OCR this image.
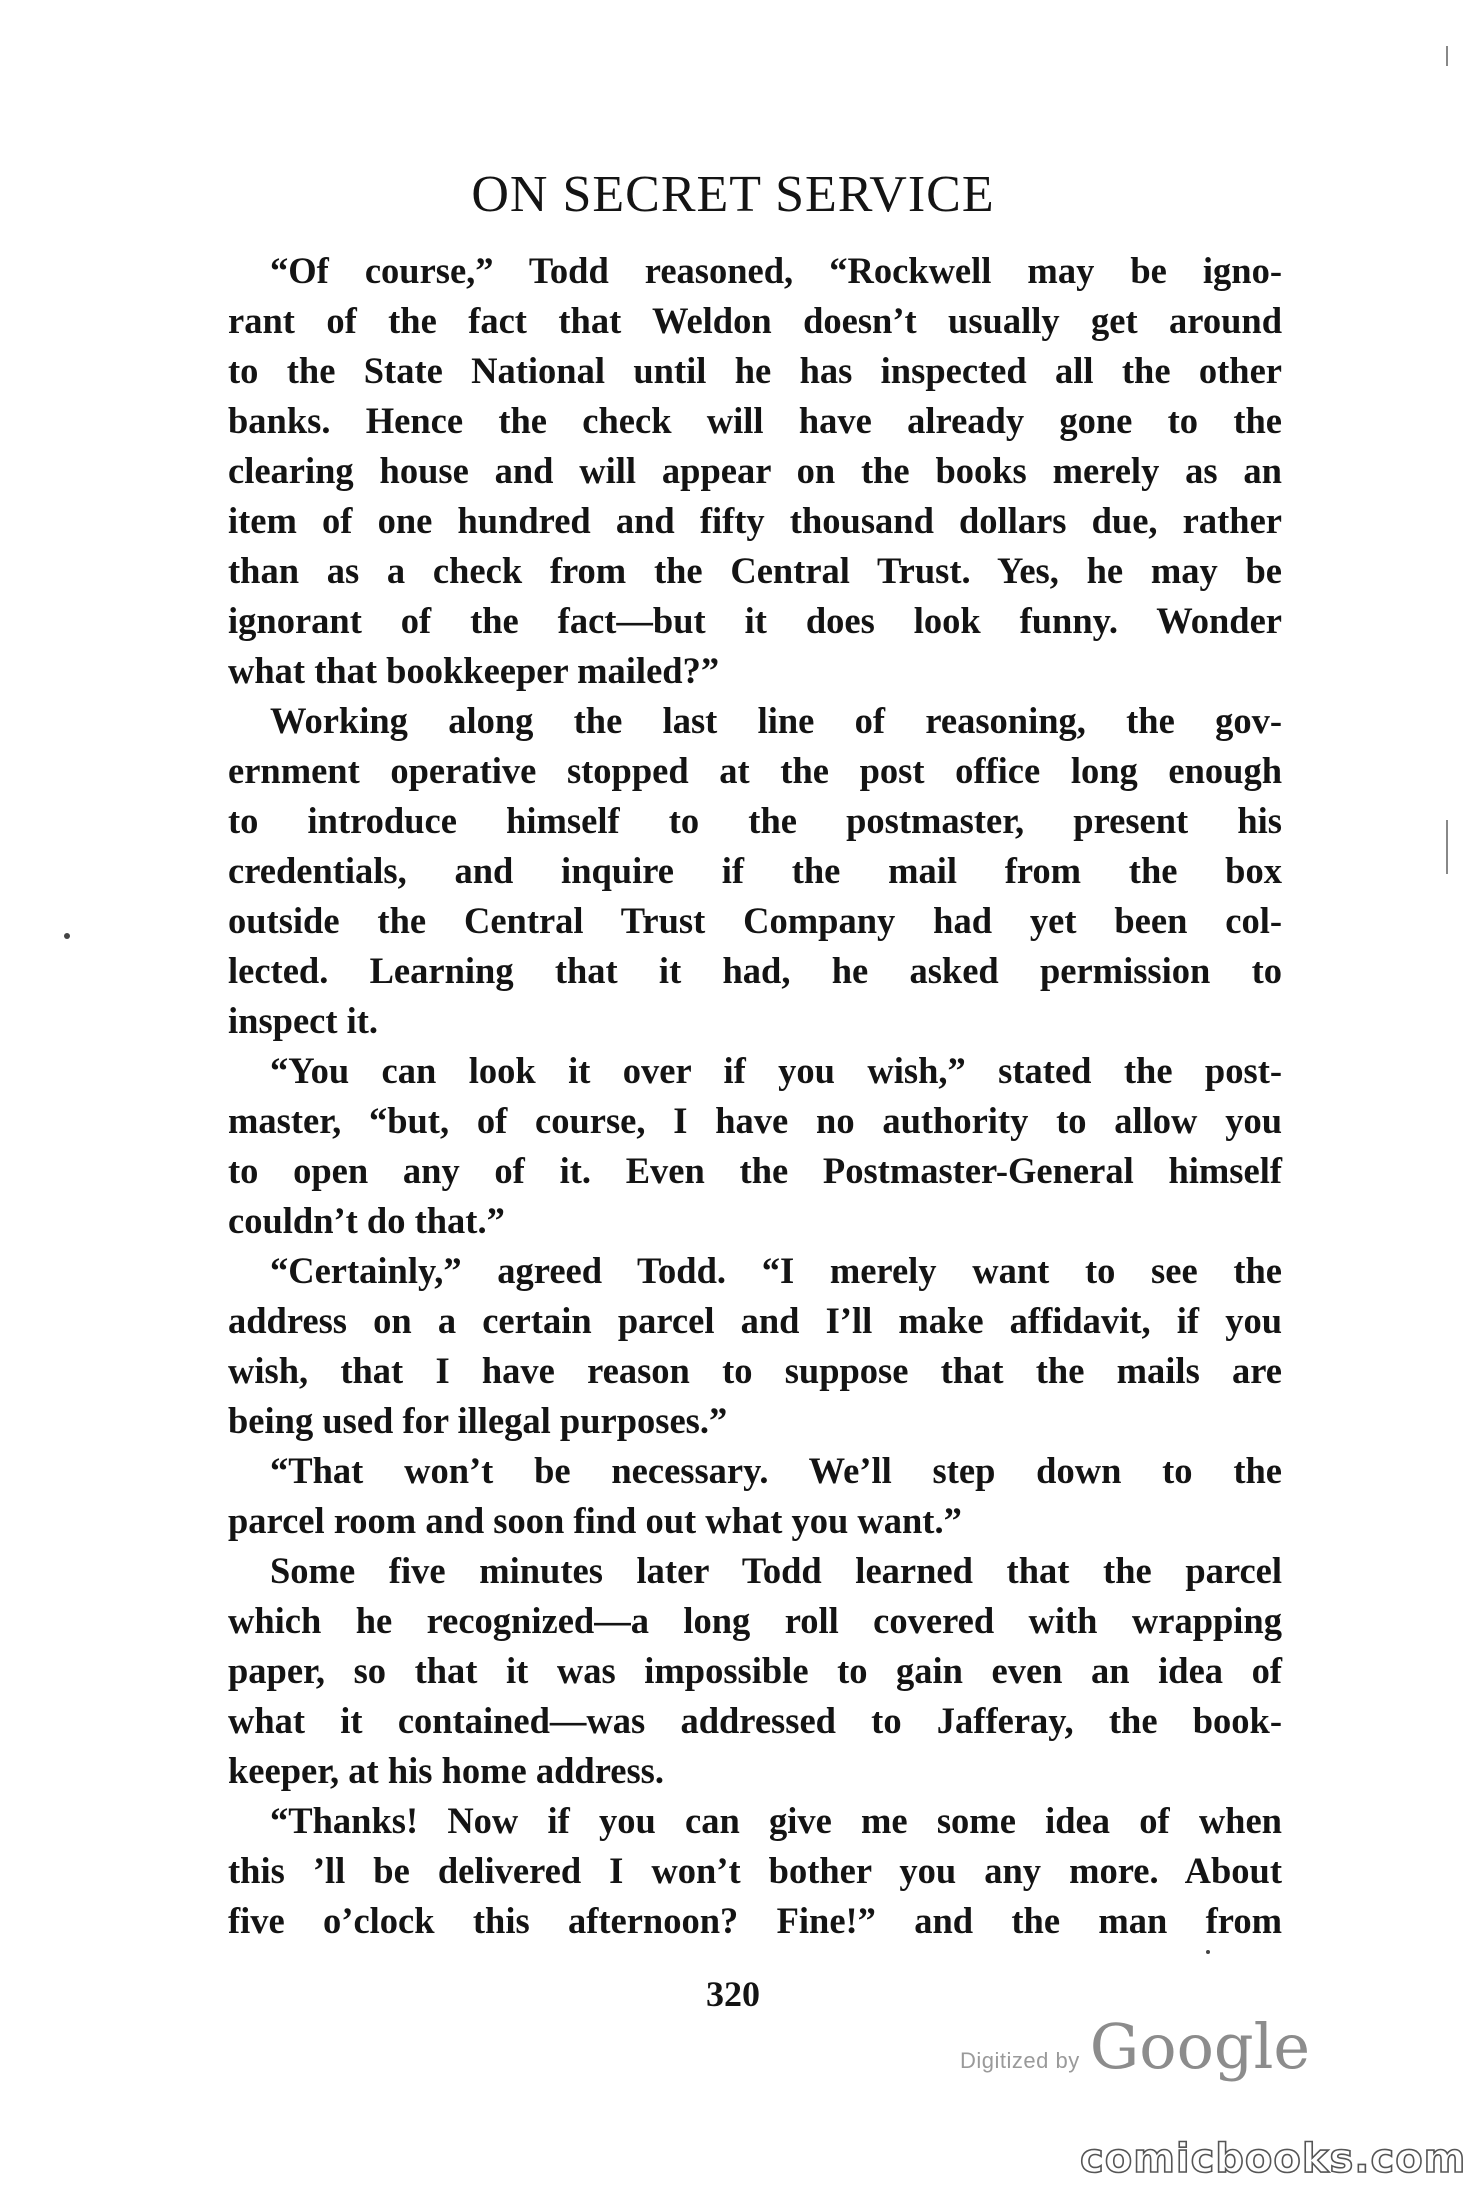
ON SECRET SERVICE
“Of course,” Todd reasoned, “Rockwell may be igno-
rant of the fact that Weldon doesn’t usually get around
to the State National until he has inspected all the other
banks. Hence the check will have already gone to the
clearing house and will appear on the books merely as an
item of one hundred and fifty thousand dollars due, rather
than as a check from the Central Trust. Yes, he may be
ignorant of the fact—but it does look funny. Wonder
what that bookkeeper mailed?”
Working along the last line of reasoning, the gov-
ernment operative stopped at the post office long enough
to introduce himself to the postmaster, present his
credentials, and inquire if the mail from the box
outside the Central Trust Company had yet been col-
lected. Learning that it had, he asked permission to
inspect it.
“You can look it over if you wish,” stated the post-
master, “but, of course, I have no authority to allow you
to open any of it. Even the Postmaster-General himself
couldn’t do that.”
“Certainly,” agreed Todd. “I merely want to see the
address on a certain parcel and I’ll make affidavit, if you
wish, that I have reason to suppose that the mails are
being used for illegal purposes.”
“That won’t be necessary. We’ll step down to the
parcel room and soon find out what you want.”
Some five minutes later Todd learned that the parcel
which he recognized—a long roll covered with wrapping
paper, so that it was impossible to gain even an idea of
what it contained—was addressed to Jafferay, the book-
keeper, at his home address.
“Thanks! Now if you can give me some idea of when
this ’ll be delivered I won’t bother you any more. About
five o’clock this afternoon? Fine!” and the man from
320
Digitized by Google
comicbooks.com
